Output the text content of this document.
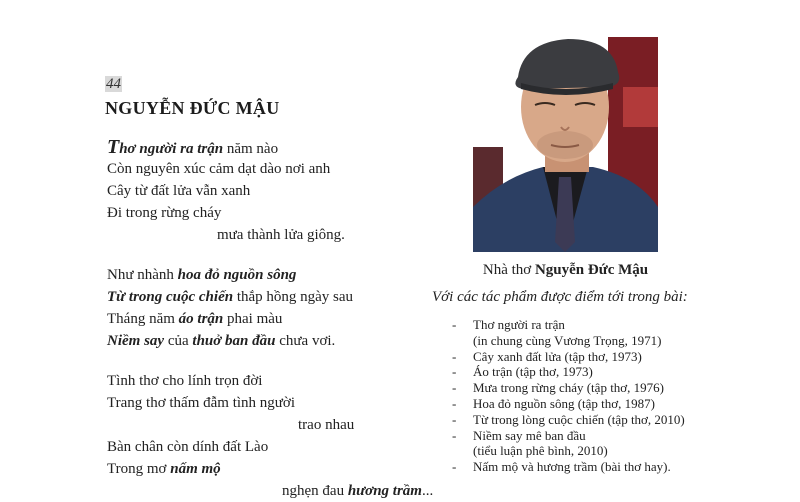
44
NGUYỄN ĐỨC MẬU
Thơ người ra trận năm nào
Còn nguyên xúc cảm dạt dào nơi anh
Cây từ đất lửa vẫn xanh
Đi trong rừng cháy
mưa thành lửa giông.
Như nhành hoa đỏ nguồn sông
Từ trong cuộc chiến thắp hồng ngày sau
Tháng năm áo trận phai màu
Niềm say của thuở ban đầu chưa vơi.
Tình thơ cho lính trọn đời
Trang thơ thấm đẫm tình người
trao nhau
Bàn chân còn dính đất Lào
Trong mơ nấm mộ
nghẹn đau hương trầm...
Nhà thơ Nguyễn Đức Mậu
Với các tác phẩm được điểm tới trong bài:
- Thơ người ra trận
(in chung cùng Vương Trọng, 1971)
- Cây xanh đất lửa (tập thơ, 1973)
- Áo trận (tập thơ, 1973)
- Mưa trong rừng cháy (tập thơ, 1976)
- Hoa đỏ nguồn sông (tập thơ, 1987)
- Từ trong lòng cuộc chiến (tập thơ, 2010)
- Niềm say mê ban đầu
(tiểu luận phê bình, 2010)
- Nấm mộ và hương trầm (bài thơ hay).
